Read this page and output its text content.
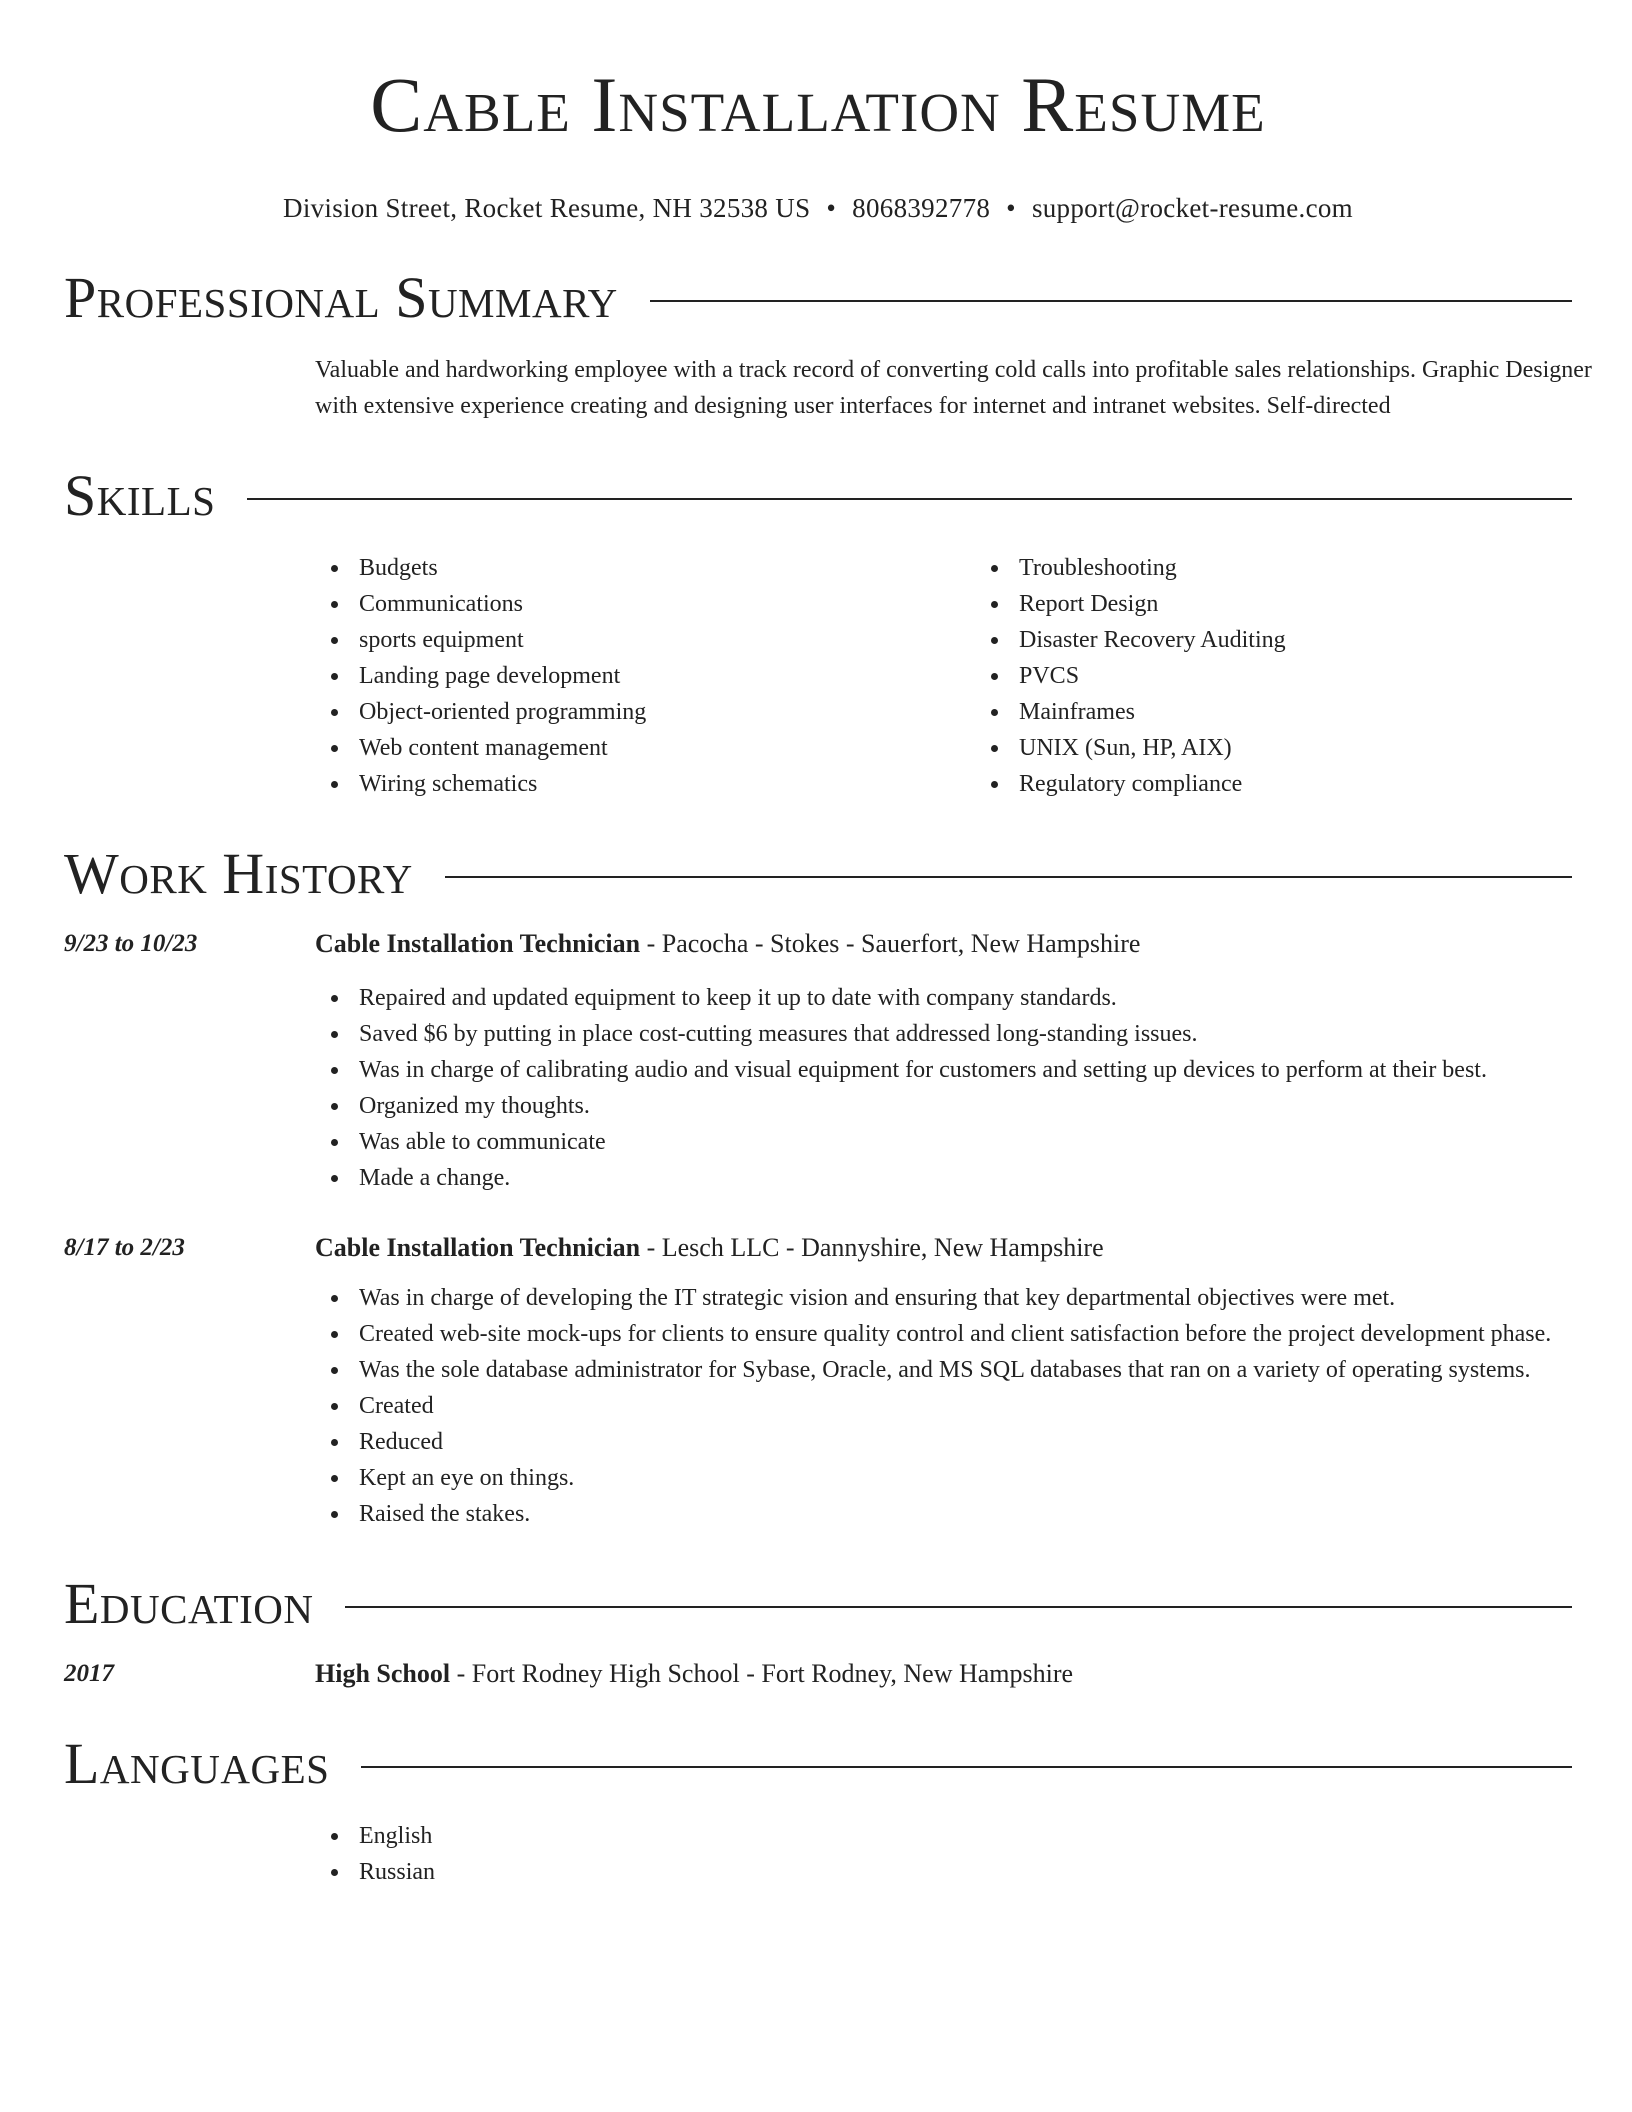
Cable Installation Resume
Division Street, Rocket Resume, NH 32538 US • 8068392778 • support@rocket-resume.com
Professional Summary
Valuable and hardworking employee with a track record of converting cold calls into profitable sales relationships. Graphic Designer with extensive experience creating and designing user interfaces for internet and intranet websites. Self-directed
Skills
Budgets
Communications
sports equipment
Landing page development
Object-oriented programming
Web content management
Wiring schematics
Troubleshooting
Report Design
Disaster Recovery Auditing
PVCS
Mainframes
UNIX (Sun, HP, AIX)
Regulatory compliance
Work History
9/23 to 10/23	Cable Installation Technician - Pacocha - Stokes - Sauerfort, New Hampshire
Repaired and updated equipment to keep it up to date with company standards.
Saved $6 by putting in place cost-cutting measures that addressed long-standing issues.
Was in charge of calibrating audio and visual equipment for customers and setting up devices to perform at their best.
Organized my thoughts.
Was able to communicate
Made a change.
8/17 to 2/23	Cable Installation Technician - Lesch LLC - Dannyshire, New Hampshire
Was in charge of developing the IT strategic vision and ensuring that key departmental objectives were met.
Created web-site mock-ups for clients to ensure quality control and client satisfaction before the project development phase.
Was the sole database administrator for Sybase, Oracle, and MS SQL databases that ran on a variety of operating systems.
Created
Reduced
Kept an eye on things.
Raised the stakes.
Education
2017	High School - Fort Rodney High School - Fort Rodney, New Hampshire
Languages
English
Russian
